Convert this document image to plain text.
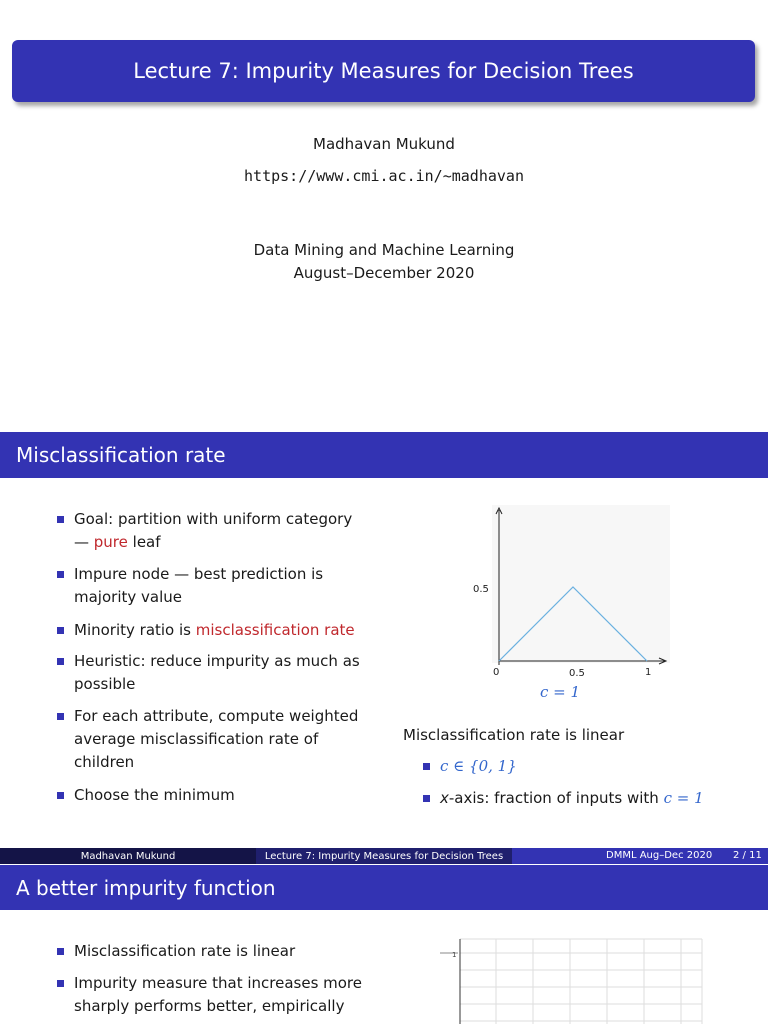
Lecture 7: Impurity Measures for Decision Trees
Madhavan Mukund
https://www.cmi.ac.in/~madhavan
Data Mining and Machine Learning
August–December 2020
Misclassification rate
Goal: partition with uniform category
— pure leaf
Impure node — best prediction is majority value
Minority ratio is misclassification rate
Heuristic: reduce impurity as much as possible
For each attribute, compute weighted average misclassification rate of children
Choose the minimum
0.5
0	0.5	1
c = 1
Misclassification rate is linear
c ∈ {0, 1}
x-axis: fraction of inputs with c = 1
Madhavan Mukund	Lecture 7: Impurity Measures for Decision Trees	DMML Aug–Dec 2020 2 / 11
A better impurity function
Misclassification rate is linear
Impurity measure that increases more sharply performs better, empirically
1
